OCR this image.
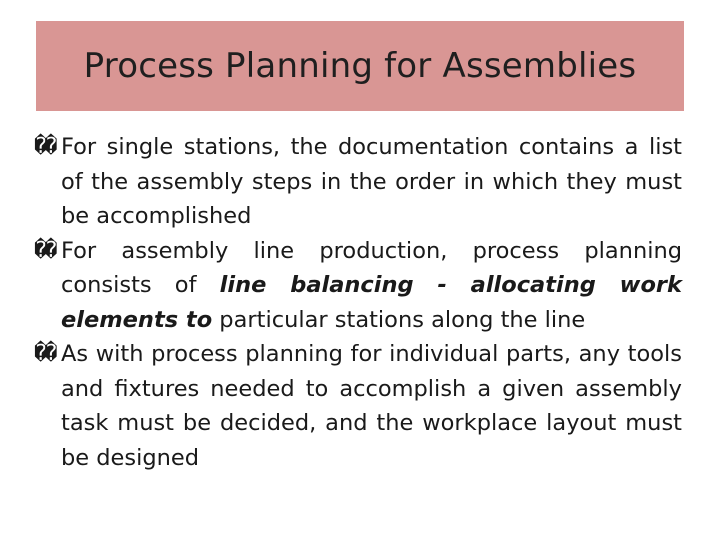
Process Planning for Assemblies
�� For single stations, the documentation contains a list of the assembly steps in the order in which they must be accomplished
�� For assembly line production, process planning consists of line balancing - allocating work elements to particular stations along the line
�� As with process planning for individual parts, any tools and fixtures needed to accomplish a given assembly task must be decided, and the workplace layout must be designed
